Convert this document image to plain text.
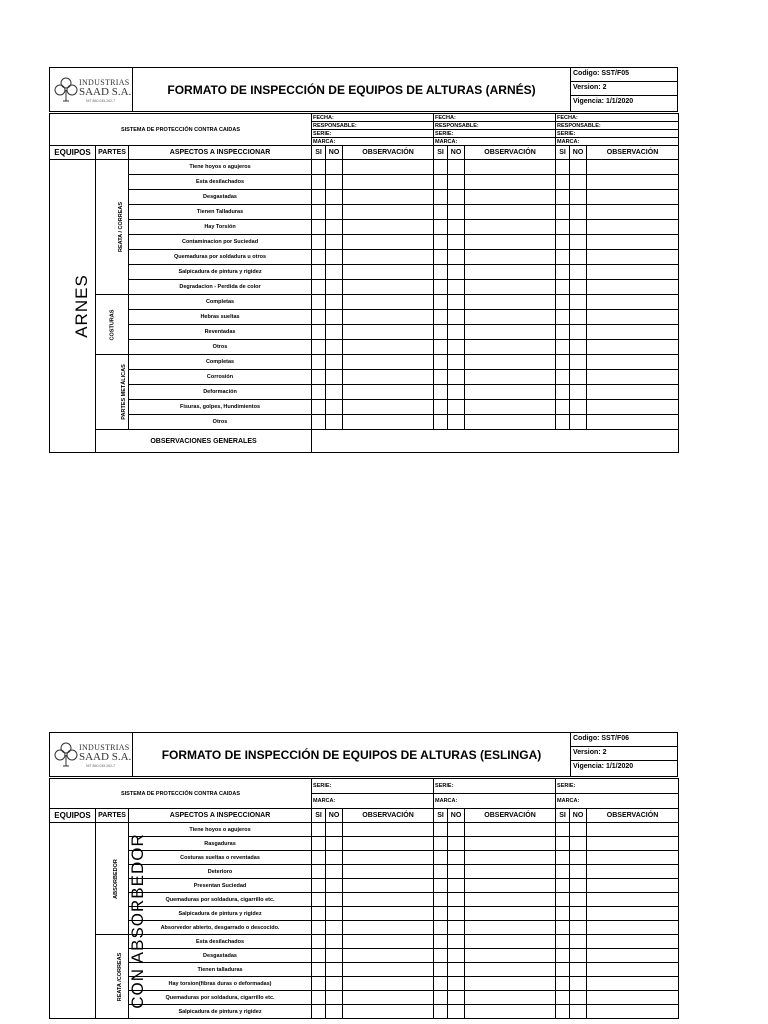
INDUSTRIAS
SAAD S.A.
NIT 860.035.262-7
FORMATO DE INSPECCIÓN DE EQUIPOS DE ALTURAS (ARNÉS)
Codigo: SST/F05
Version: 2
Vigencia: 1/1/2020
SISTEMA DE PROTECCIÓN CONTRA CAIDAS			FECHA:			FECHA:			FECHA:		
			RESPONSABLE:			RESPONSABLE:			RESPONSABLE:		
			SERIE:			SERIE:			SERIE:		
			MARCA:			MARCA:			MARCA:		
EQUIPOS	PARTES	ASPECTOS A INSPECCIONAR	SI	NO	OBSERVACIÓN	SI	NO	OBSERVACIÓN	SI	NO	OBSERVACIÓN
ARNES	REATA / CORREAS	Tiene hoyos o agujeros									
		Esta desilachados									
		Desgastadas									
		Tienen Talladuras									
		Hay Torsión									
		Contaminacion por Suciedad									
		Quemaduras por soldadura u otros									
		Salpicadura de pintura y rigidez									
		Degradacion - Perdida de color									
	COSTURAS	Completas									
		Hebras sueltas									
		Reventadas									
		Otros									
	PARTES METÁLICAS	Completas									
		Corrosión									
		Deformación									
		Fisuras, golpes, Hundimientos									
		Otros									
	OBSERVACIONES GENERALES										
INDUSTRIAS
SAAD S.A.
NIT 860.035.262-7
FORMATO DE INSPECCIÓN DE EQUIPOS DE ALTURAS (ESLINGA)
Codigo: SST/F06
Version: 2
Vigencia: 1/1/2020
SISTEMA DE PROTECCIÓN CONTRA CAIDAS			SERIE:			SERIE:			SERIE:		
			MARCA:			MARCA:			MARCA:		
EQUIPOS	PARTES	ASPECTOS A INSPECCIONAR	SI	NO	OBSERVACIÓN	SI	NO	OBSERVACIÓN	SI	NO	OBSERVACIÓN
CON ABSORBEDOR	ABSORBEDOR	Tiene hoyos o agujeros									
		Rasgaduras									
		Costuras sueltas o reventadas									
		Deterioro									
		Presentan Suciedad									
		Quemaduras por soldadura, cigarrillo etc.									
		Salpicadura de pintura y rigidez									
		Absorvedor abierto, desgarrado o descocido.									
	REATA /CORREAS	Esta desilachados									
		Desgastadas									
		Tienen talladuras									
		Hay torsion(fibras duras o deformadas)									
		Quemaduras por soldadura, cigarrillo etc.									
		Salpicadura de pintura y rigidez									
